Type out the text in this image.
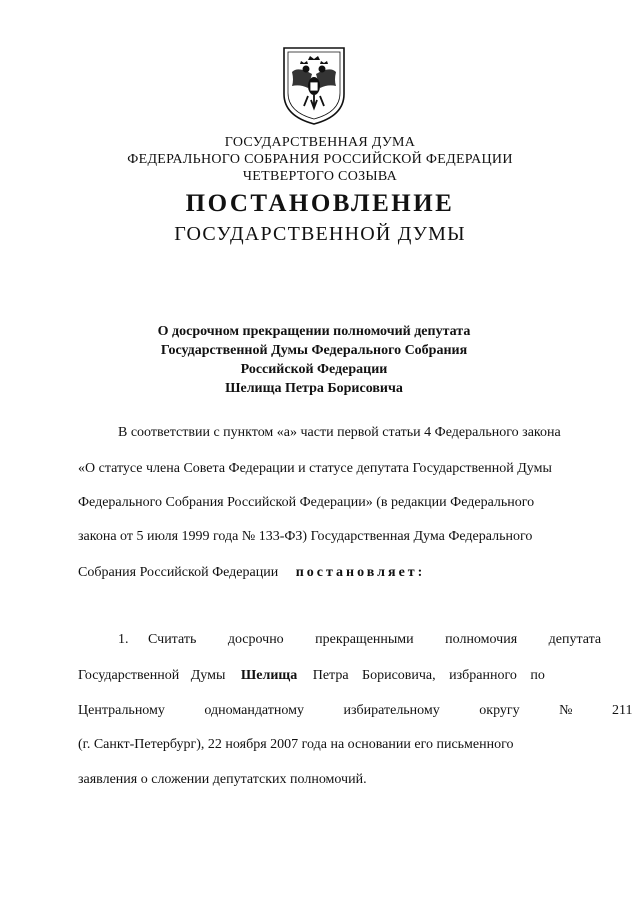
ГОСУДАРСТВЕННАЯ ДУМА
ФЕДЕРАЛЬНОГО СОБРАНИЯ РОССИЙСКОЙ ФЕДЕРАЦИИ
ЧЕТВЕРТОГО СОЗЫВА
ПОСТАНОВЛЕНИЕ
ГОСУДАРСТВЕННОЙ ДУМЫ
О досрочном прекращении полномочий депутата
Государственной Думы Федерального Собрания
Российской Федерации
Шелища Петра Борисовича
В соответствии с пунктом «а» части первой статьи 4 Федерального закона
«О статусе члена Совета Федерации и статусе депутата Государственной Думы
Федерального Собрания Российской Федерации» (в редакции Федерального
закона от 5 июля 1999 года № 133-ФЗ) Государственная Дума Федерального
Собрания Российской Федерации постановляет:
1. Считать досрочно прекращенными полномочия депутата
Государственной Думы Шелища Петра Борисовича, избранного по
Центральному одномандатному избирательному округу № 211
(г. Санкт-Петербург), 22 ноября 2007 года на основании его письменного
заявления о сложении депутатских полномочий.
